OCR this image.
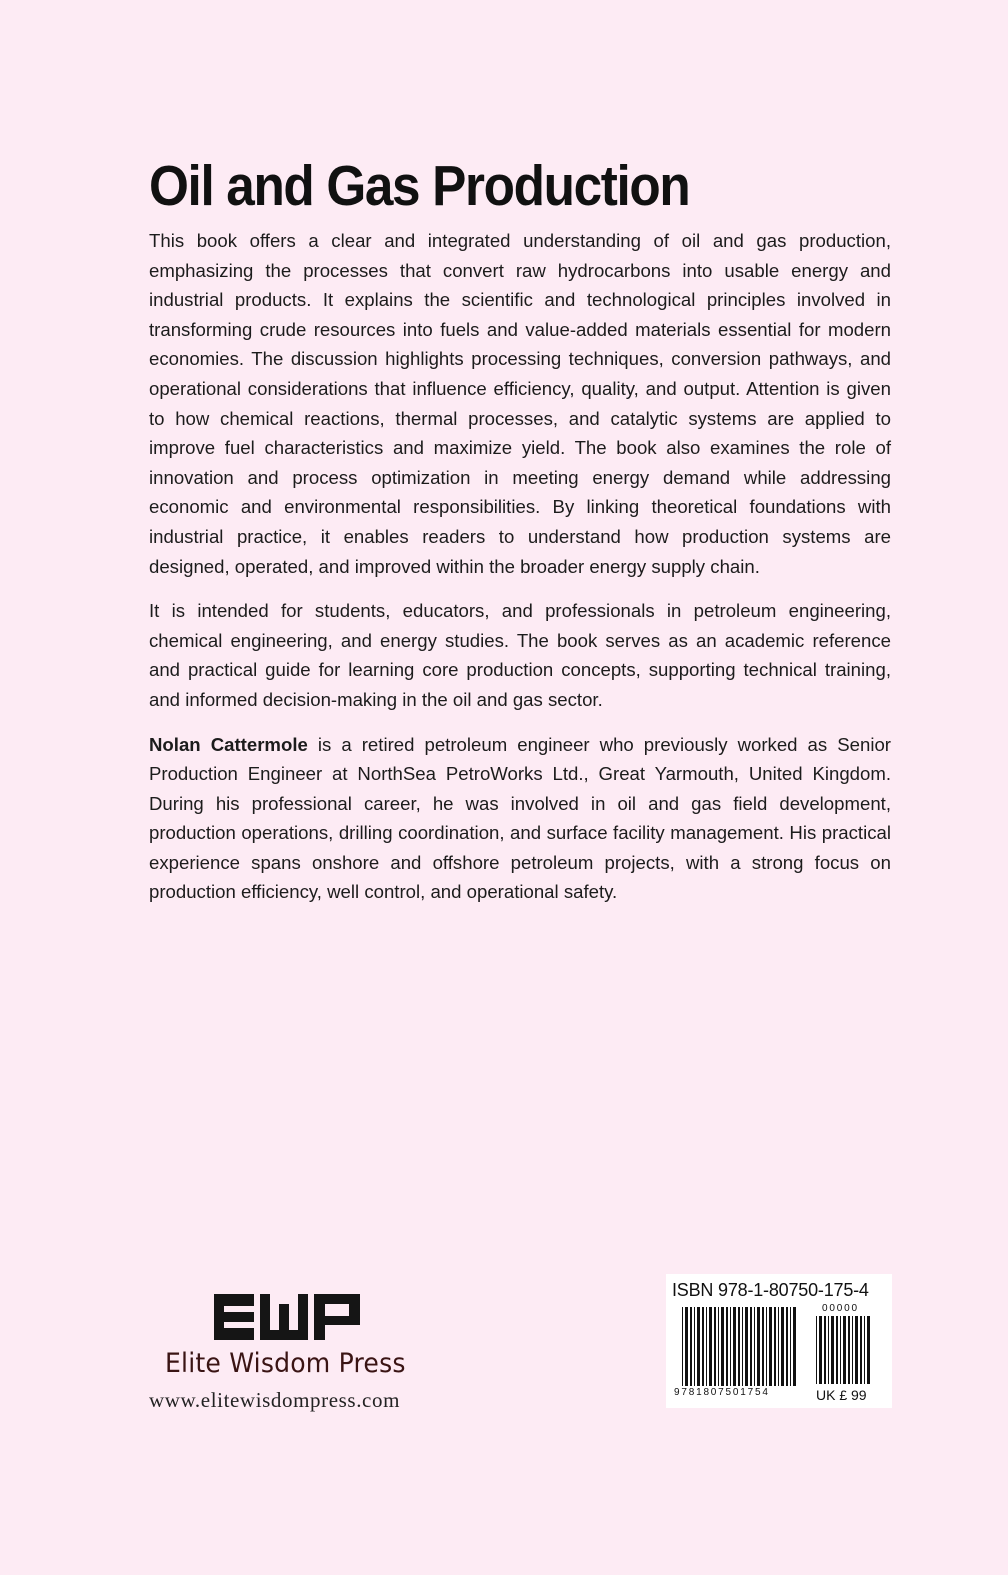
Oil and Gas Production

This book offers a clear and integrated understanding of oil and gas production, emphasizing the processes that convert raw hydrocarbons into usable energy and industrial products. It explains the scientific and technological principles involved in transforming crude resources into fuels and value-added materials essential for modern economies. The discussion highlights processing techniques, conversion pathways, and operational considerations that influence efficiency, quality, and output. Attention is given to how chemical reactions, thermal processes, and catalytic systems are applied to improve fuel characteristics and maximize yield. The book also examines the role of innovation and process optimization in meeting energy demand while addressing economic and environmental responsibilities. By linking theoretical foundations with industrial practice, it enables readers to understand how production systems are designed, operated, and improved within the broader energy supply chain.

It is intended for students, educators, and professionals in petroleum engineering, chemical engineering, and energy studies. The book serves as an academic reference and practical guide for learning core production concepts, supporting technical training, and informed decision-making in the oil and gas sector.

Nolan Cattermole is a retired petroleum engineer who previously worked as Senior Production Engineer at NorthSea PetroWorks Ltd., Great Yarmouth, United Kingdom. During his professional career, he was involved in oil and gas field development, production operations, drilling coordination, and surface facility management. His practical experience spans onshore and offshore petroleum projects, with a strong focus on production efficiency, well control, and operational safety.

Elite Wisdom Press
www.elitewisdompress.com
ISBN 978-1-80750-175-4
00000
9781807501754	UK £ 99
